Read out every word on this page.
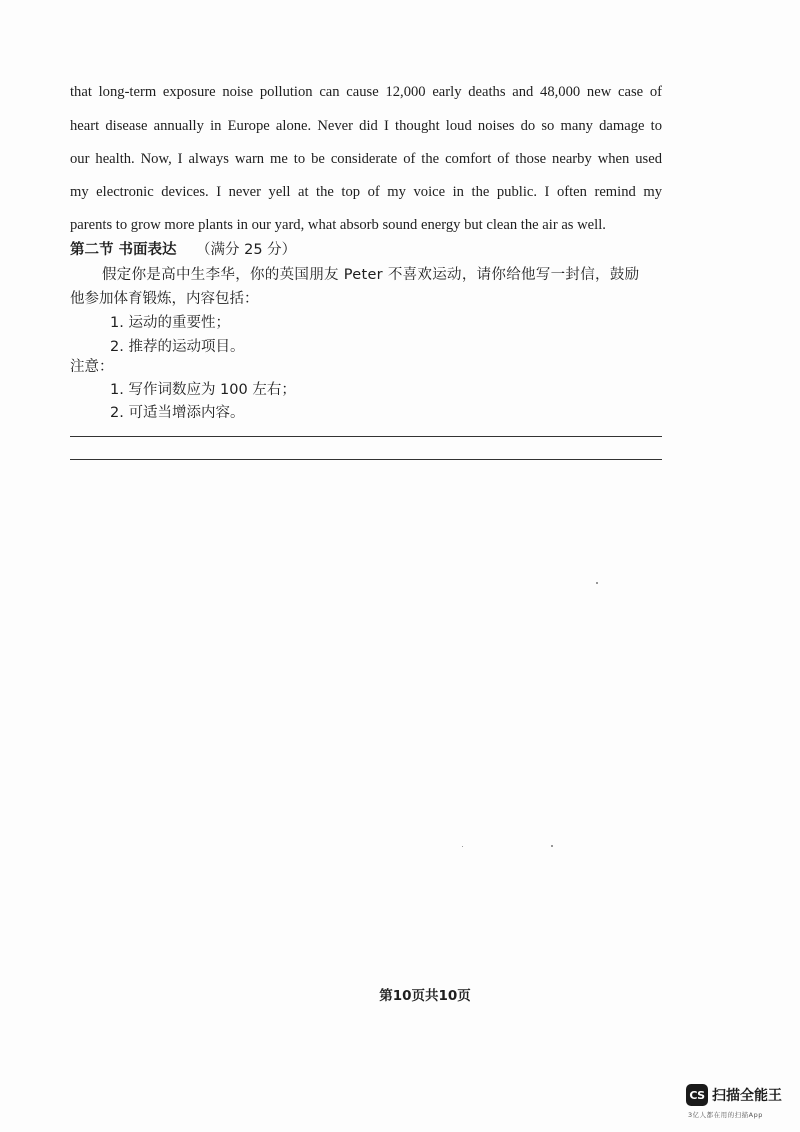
that long-term exposure noise pollution can cause 12,000 early deaths and 48,000 new case of
heart disease annually in Europe alone. Never did I thought loud noises do so many damage to
our health. Now, I always warn me to be considerate of the comfort of those nearby when used
my electronic devices. I never yell at the top of my voice in the public. I often remind my
parents to grow more plants in our yard, what absorb sound energy but clean the air as well.
第二节 书面表达 （满分 25 分）
假定你是高中生李华，你的英国朋友 Peter 不喜欢运动，请你给他写一封信，鼓励
他参加体育锻炼，内容包括：
1. 运动的重要性；
2. 推荐的运动项目。
注意：
1. 写作词数应为 100 左右；
2. 可适当增添内容。
第10页共10页
CS 扫描全能王
3亿人都在用的扫描App
